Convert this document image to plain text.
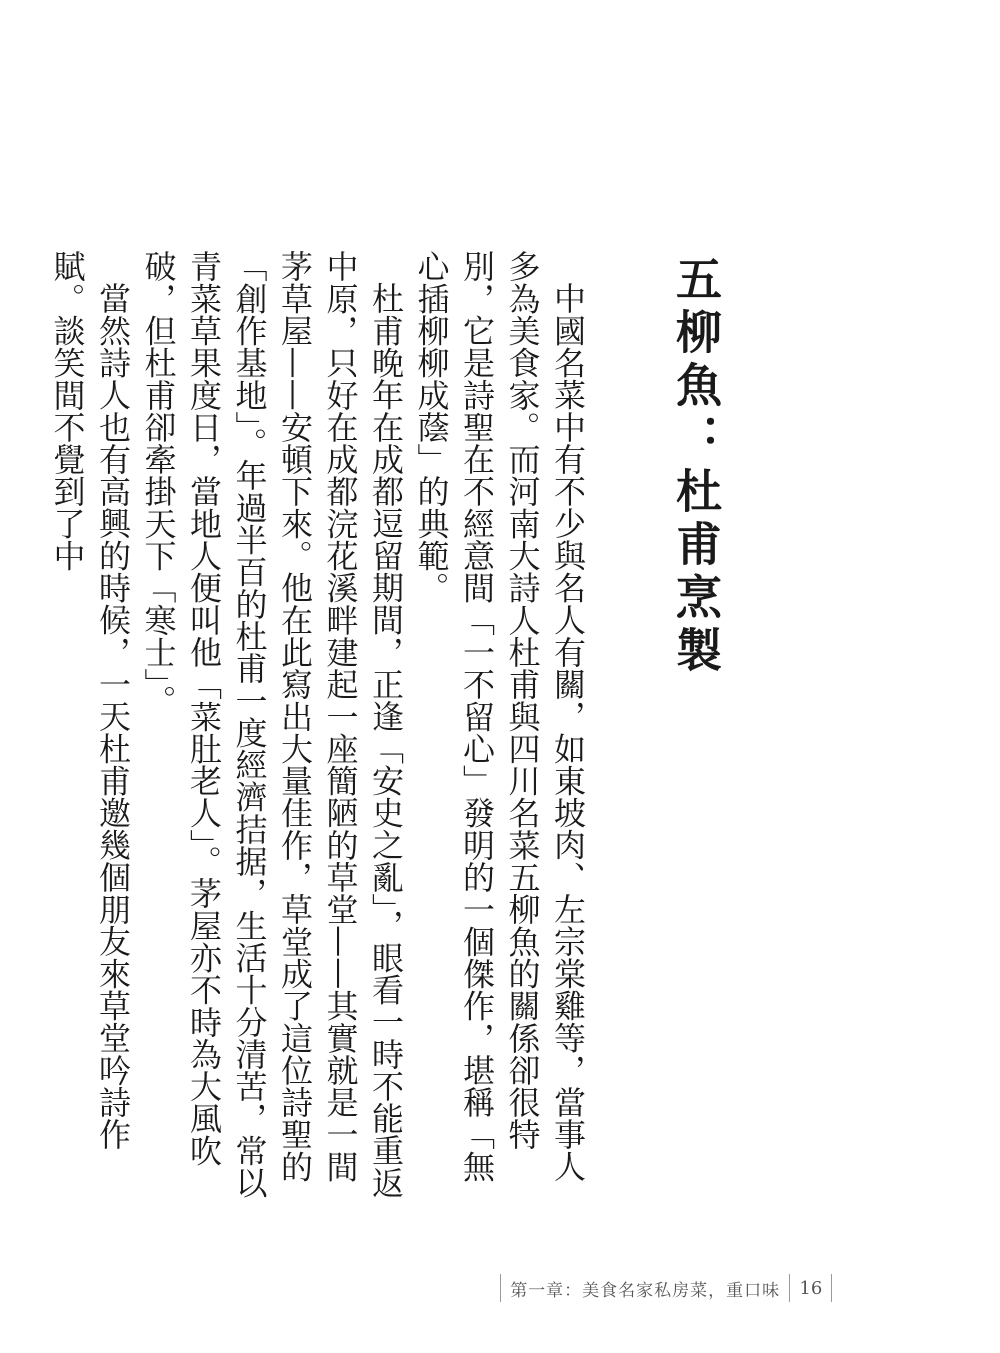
五柳魚：杜甫烹製

中國名菜中有不少與名人有關，如東坡肉、左宗棠雞等，當事人多為美食家。而河南大詩人杜甫與四川名菜五柳魚的關係卻很特別，它是詩聖在不經意間「一不留心」發明的一個傑作，堪稱「無心插柳柳成蔭」的典範。

杜甫晚年在成都逗留期間，正逢「安史之亂」，眼看一時不能重返中原，只好在成都浣花溪畔建起一座簡陋的草堂——其實就是一間茅草屋——安頓下來。他在此寫出大量佳作，草堂成了這位詩聖的「創作基地」。年過半百的杜甫一度經濟拮据，生活十分清苦，常以青菜草果度日，當地人便叫他「菜肚老人」。茅屋亦不時為大風吹破，但杜甫卻牽掛天下「寒士」。

當然詩人也有高興的時候，一天杜甫邀幾個朋友來草堂吟詩作賦。談笑間不覺到了中

第一章：美食名家私房菜，重口味	16
